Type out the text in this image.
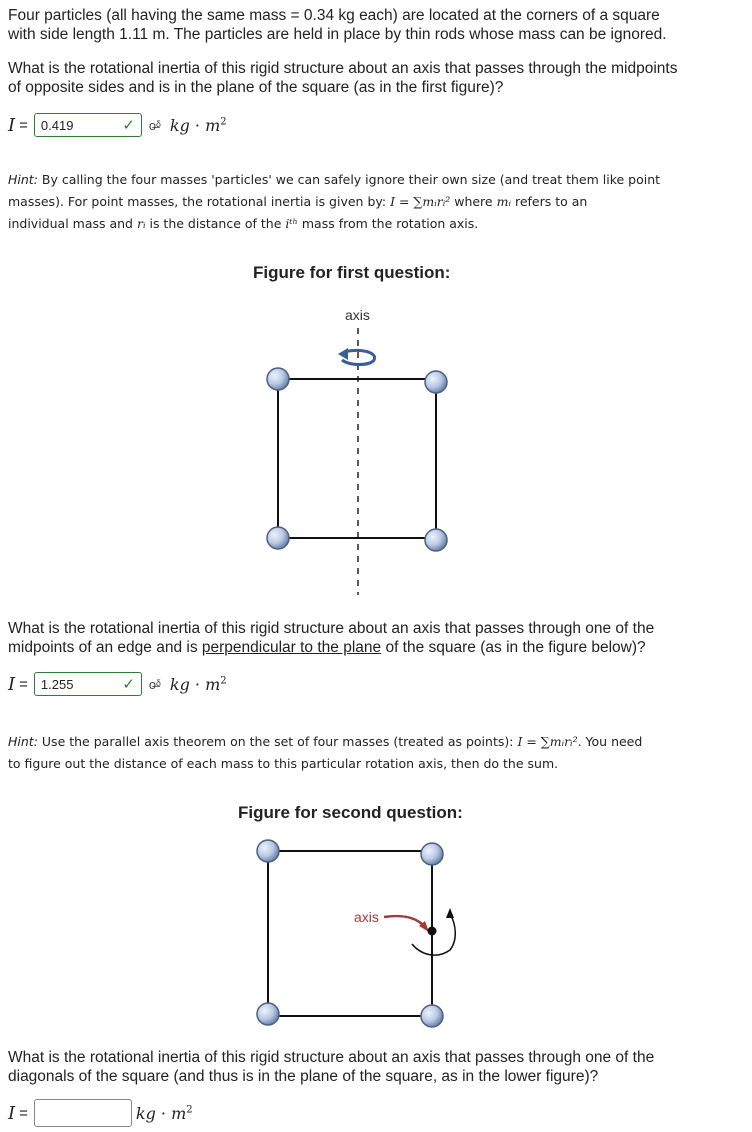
Four particles (all having the same mass = 0.34 kg each) are located at the corners of a square

with side length 1.11 m. The particles are held in place by thin rods whose mass can be ignored.

What is the rotational inertia of this rigid structure about an axis that passes through the midpoints

of opposite sides and is in the plane of the square (as in the first figure)?

I = 0.419	✓	o̶ᵟ kg · $m^2$
Hint: By calling the four masses 'particles' we can safely ignore their own size (and treat them like point
masses). For point masses, the rotational inertia is given by: I = ∑mᵢrᵢ² where mᵢ refers to an
individual mass and rᵢ is the distance of the iᵗʰ mass from the rotation axis.
Figure for first question:
axis

What is the rotational inertia of this rigid structure about an axis that passes through one of the

midpoints of an edge and is perpendicular to the plane of the square (as in the figure below)?

I = 1.255	✓	o̶ᵟ kg · $m^2$
Hint: Use the parallel axis theorem on the set of four masses (treated as points): I = ∑mᵢrᵢ². You need
to figure out the distance of each mass to this particular rotation axis, then do the sum.
Figure for second question:
axis

What is the rotational inertia of this rigid structure about an axis that passes through one of the

diagonals of the square (and thus is in the plane of the square, as in the lower figure)?

I =	kg · $m^2$
